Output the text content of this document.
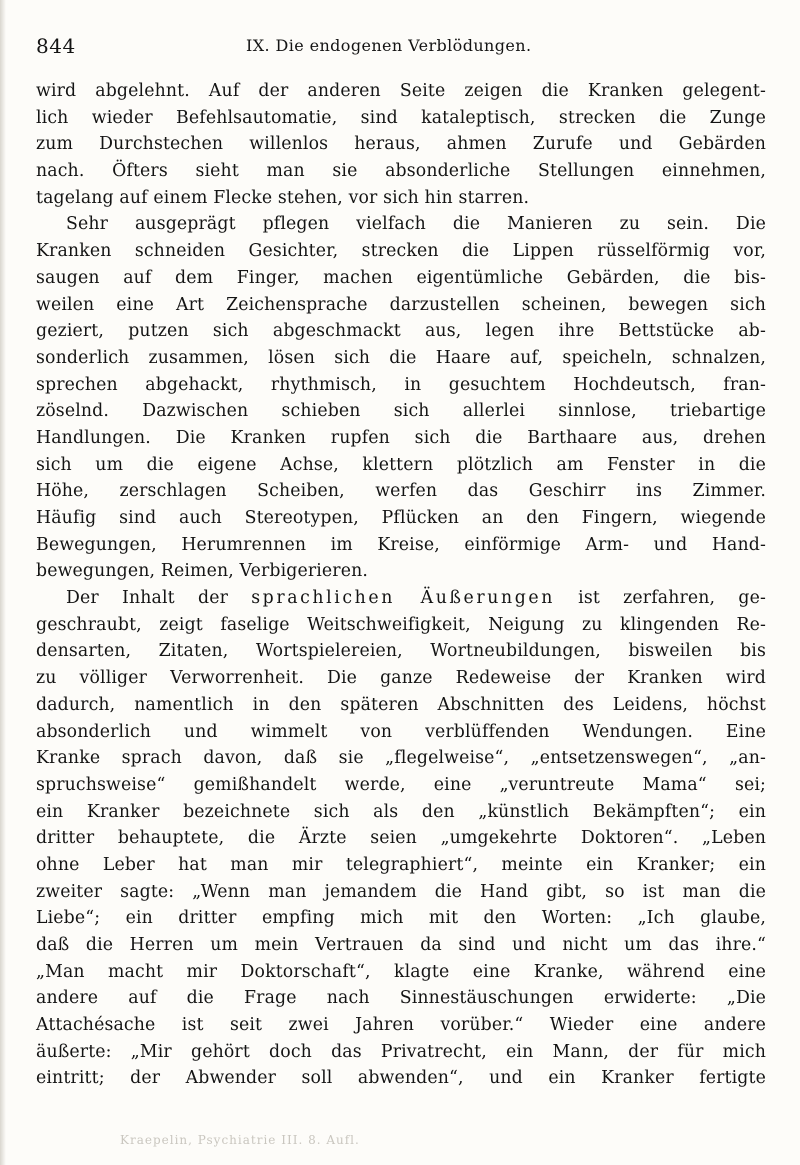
844	IX. Die endogenen Verblödungen.
wird abgelehnt. Auf der anderen Seite zeigen die Kranken gelegent-
lich wieder Befehlsautomatie, sind kataleptisch, strecken die Zunge
zum Durchstechen willenlos heraus, ahmen Zurufe und Gebärden
nach. Öfters sieht man sie absonderliche Stellungen einnehmen,
tagelang auf einem Flecke stehen, vor sich hin starren.
Sehr ausgeprägt pflegen vielfach die Manieren zu sein. Die
Kranken schneiden Gesichter, strecken die Lippen rüsselförmig vor,
saugen auf dem Finger, machen eigentümliche Gebärden, die bis-
weilen eine Art Zeichensprache darzustellen scheinen, bewegen sich
geziert, putzen sich abgeschmackt aus, legen ihre Bettstücke ab-
sonderlich zusammen, lösen sich die Haare auf, speicheln, schnalzen,
sprechen abgehackt, rhythmisch, in gesuchtem Hochdeutsch, fran-
zöselnd. Dazwischen schieben sich allerlei sinnlose, triebartige
Handlungen. Die Kranken rupfen sich die Barthaare aus, drehen
sich um die eigene Achse, klettern plötzlich am Fenster in die
Höhe, zerschlagen Scheiben, werfen das Geschirr ins Zimmer.
Häufig sind auch Stereotypen, Pflücken an den Fingern, wiegende
Bewegungen, Herumrennen im Kreise, einförmige Arm- und Hand-
bewegungen, Reimen, Verbigerieren.
Der Inhalt der sprachlichen Äußerungen ist zerfahren, ge-
geschraubt, zeigt faselige Weitschweifigkeit, Neigung zu klingenden Re-
densarten, Zitaten, Wortspielereien, Wortneubildungen, bisweilen bis
zu völliger Verworrenheit. Die ganze Redeweise der Kranken wird
dadurch, namentlich in den späteren Abschnitten des Leidens, höchst
absonderlich und wimmelt von verblüffenden Wendungen. Eine
Kranke sprach davon, daß sie „flegelweise“, „entsetzenswegen“, „an-
spruchsweise“ gemißhandelt werde, eine „veruntreute Mama“ sei;
ein Kranker bezeichnete sich als den „künstlich Bekämpften“; ein
dritter behauptete, die Ärzte seien „umgekehrte Doktoren“. „Leben
ohne Leber hat man mir telegraphiert“, meinte ein Kranker; ein
zweiter sagte: „Wenn man jemandem die Hand gibt, so ist man die
Liebe“; ein dritter empfing mich mit den Worten: „Ich glaube,
daß die Herren um mein Vertrauen da sind und nicht um das ihre.“
„Man macht mir Doktorschaft“, klagte eine Kranke, während eine
andere auf die Frage nach Sinnestäuschungen erwiderte: „Die
Attachésache ist seit zwei Jahren vorüber.“ Wieder eine andere
äußerte: „Mir gehört doch das Privatrecht, ein Mann, der für mich
eintritt; der Abwender soll abwenden“, und ein Kranker fertigte
Kraepelin, Psychiatrie III. 8. Aufl.
